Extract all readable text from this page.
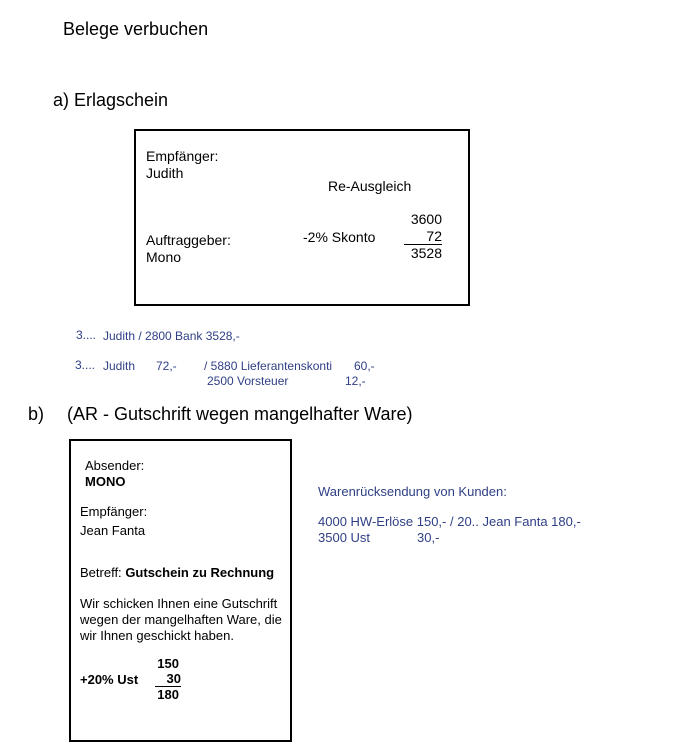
Belege verbuchen
a) Erlagschein
Empfänger:
Judith
Re-Ausgleich
Auftraggeber:
Mono
-2% Skonto
3600
72
3528
3.... Judith / 2800 Bank 3528,-
3.... Judith 72,- / 5880 Lieferantenskonti 60,-
2500 Vorsteuer	12,-
b) (AR - Gutschrift wegen mangelhafter Ware)
Absender:
MONO
Empfänger:
Jean Fanta
Betreff: Gutschein zu Rechnung
Wir schicken Ihnen eine Gutschrift wegen der mangelhaften Ware, die wir Ihnen geschickt haben.
150
+20% Ust	30
180
Warenrücksendung von Kunden:
4000 HW-Erlöse 150,- / 20.. Jean Fanta 180,-
3500 Ust	30,-
